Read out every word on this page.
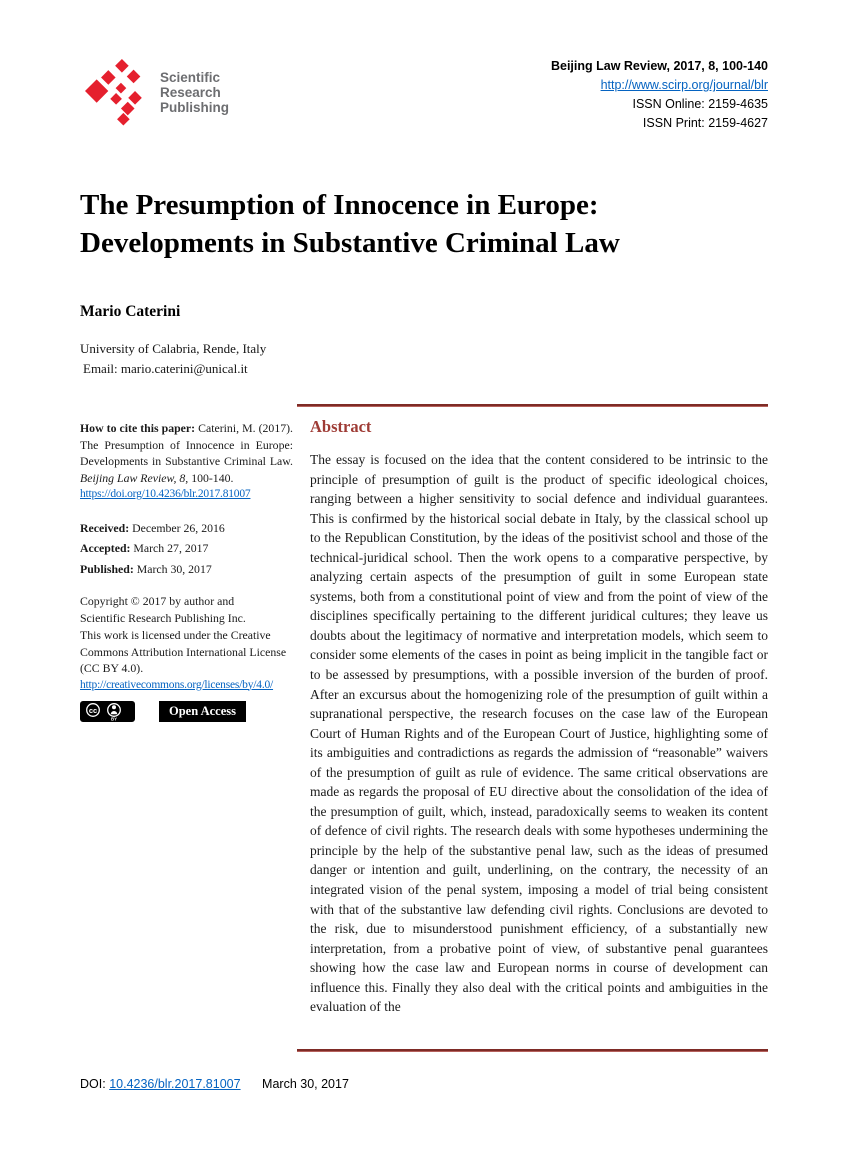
Scientific
Research
Publishing
Beijing Law Review, 2017, 8, 100-140
http://www.scirp.org/journal/blr
ISSN Online: 2159-4635
ISSN Print: 2159-4627
The Presumption of Innocence in Europe:
Developments in Substantive Criminal Law
Mario Caterini
University of Calabria, Rende, Italy
Email: mario.caterini@unical.it

How to cite this paper: Caterini, M. (2017). The Presumption of Innocence in Europe: Developments in Substantive Criminal Law. Beijing Law Review, 8, 100-140.
https://doi.org/10.4236/blr.2017.81007

Received: December 26, 2016
Accepted: March 27, 2017
Published: March 30, 2017
Copyright © 2017 by author and
Scientific Research Publishing Inc.
This work is licensed under the Creative Commons Attribution International License (CC BY 4.0).
http://creativecommons.org/licenses/by/4.0/
cc
BY
Open Access
Abstract
The essay is focused on the idea that the content considered to be intrinsic to the principle of presumption of guilt is the product of specific ideological choices, ranging between a higher sensitivity to social defence and individual guarantees. This is confirmed by the historical social debate in Italy, by the classical school up to the Republican Constitution, by the ideas of the positivist school and those of the technical-juridical school. Then the work opens to a comparative perspective, by analyzing certain aspects of the presumption of guilt in some European state systems, both from a constitutional point of view and from the point of view of the disciplines specifically pertaining to the different juridical cultures; they leave us doubts about the legitimacy of normative and interpretation models, which seem to consider some elements of the cases in point as being implicit in the tangible fact or to be assessed by presumptions, with a possible inversion of the burden of proof. After an excursus about the homogenizing role of the presumption of guilt within a supranational perspective, the research focuses on the case law of the European Court of Human Rights and of the European Court of Justice, highlighting some of its ambiguities and contradictions as regards the admission of “reasonable” waivers of the presumption of guilt as rule of evidence. The same critical observations are made as regards the proposal of EU directive about the consolidation of the idea of the presumption of guilt, which, instead, paradoxically seems to weaken its content of defence of civil rights. The research deals with some hypotheses undermining the principle by the help of the substantive penal law, such as the ideas of presumed danger or intention and guilt, underlining, on the contrary, the necessity of an integrated vision of the penal system, imposing a model of trial being consistent with that of the substantive law defending civil rights. Conclusions are devoted to the risk, due to misunderstood punishment efficiency, of a substantially new interpretation, from a probative point of view, of substantive penal guarantees showing how the case law and European norms in course of development can influence this. Finally they also deal with the critical points and ambiguities in the evaluation of the
DOI: 10.4236/blr.2017.81007 March 30, 2017
